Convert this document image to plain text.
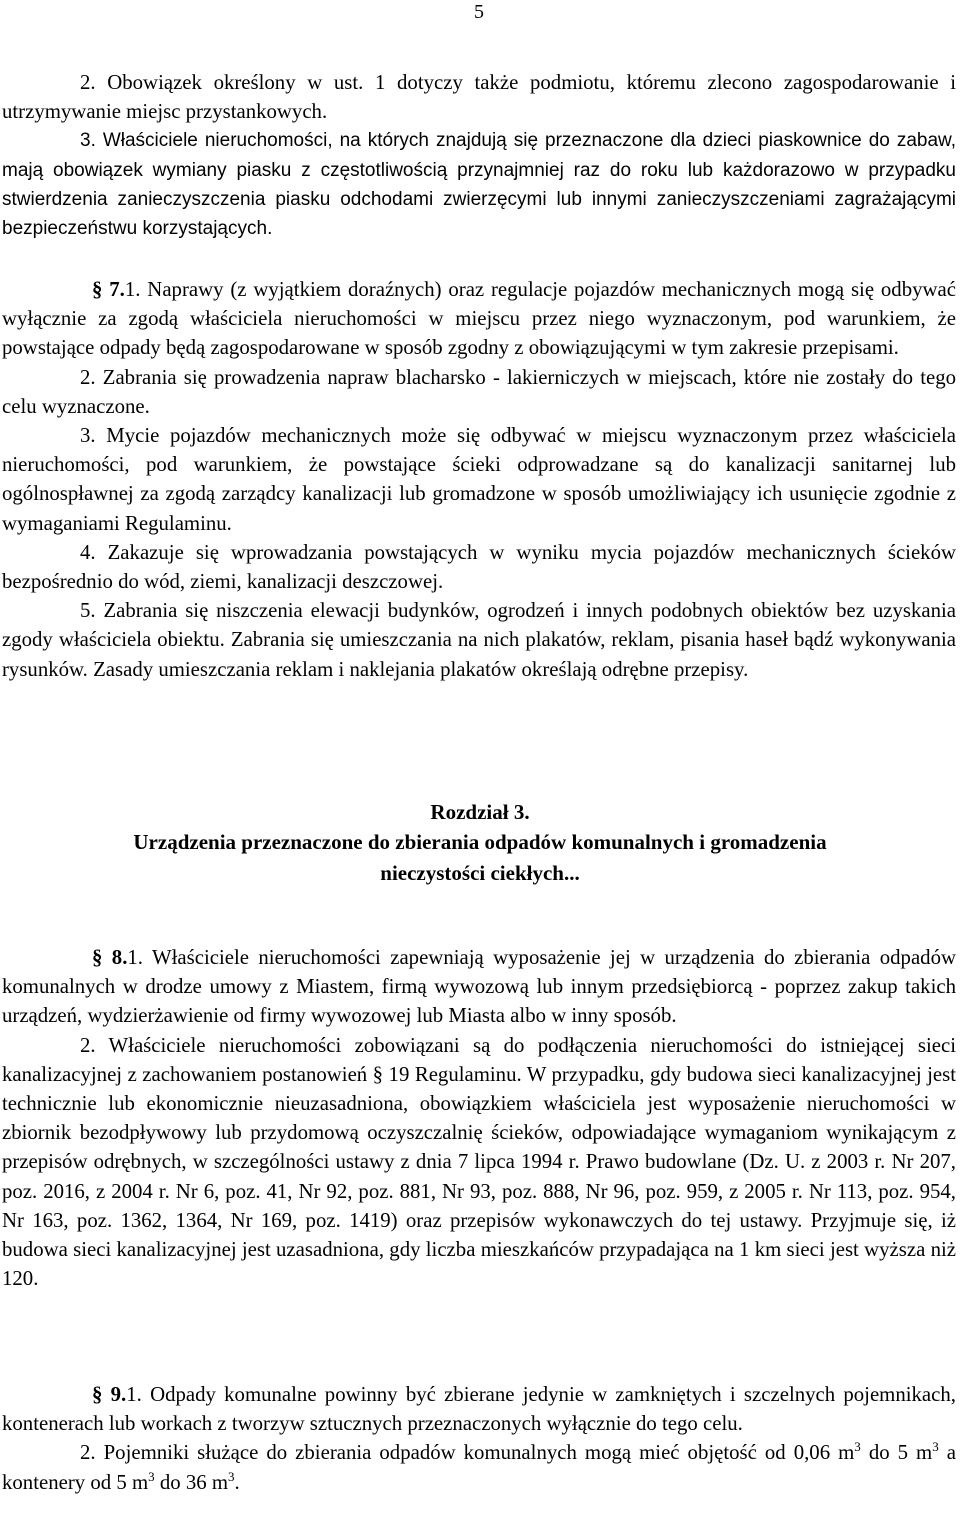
5

2. Obowiązek określony w ust. 1 dotyczy także podmiotu, któremu zlecono zagospodarowanie i utrzymywanie miejsc przystankowych.

3. Właściciele nieruchomości, na których znajdują się przeznaczone dla dzieci piaskownice do zabaw, mają obowiązek wymiany piasku z częstotliwością przynajmniej raz do roku lub każdorazowo w przypadku stwierdzenia zanieczyszczenia piasku odchodami zwierzęcymi lub innymi zanieczyszczeniami zagrażającymi bezpieczeństwu korzystających.

§ 7.1. Naprawy (z wyjątkiem doraźnych) oraz regulacje pojazdów mechanicznych mogą się odbywać wyłącznie za zgodą właściciela nieruchomości w miejscu przez niego wyznaczonym, pod warunkiem, że powstające odpady będą zagospodarowane w sposób zgodny z obowiązującymi w tym zakresie przepisami.

2. Zabrania się prowadzenia napraw blacharsko - lakierniczych w miejscach, które nie zostały do tego celu wyznaczone.

3. Mycie pojazdów mechanicznych może się odbywać w miejscu wyznaczonym przez właściciela nieruchomości, pod warunkiem, że powstające ścieki odprowadzane są do kanalizacji sanitarnej lub ogólnospławnej za zgodą zarządcy kanalizacji lub gromadzone w sposób umożliwiający ich usunięcie zgodnie z wymaganiami Regulaminu.

4. Zakazuje się wprowadzania powstających w wyniku mycia pojazdów mechanicznych ścieków bezpośrednio do wód, ziemi, kanalizacji deszczowej.

5. Zabrania się niszczenia elewacji budynków, ogrodzeń i innych podobnych obiektów bez uzyskania zgody właściciela obiektu. Zabrania się umieszczania na nich plakatów, reklam, pisania haseł bądź wykonywania rysunków. Zasady umieszczania reklam i naklejania plakatów określają odrębne przepisy.

Rozdział 3.
Urządzenia przeznaczone do zbierania odpadów komunalnych i gromadzenia
nieczystości ciekłych...

§ 8.1. Właściciele nieruchomości zapewniają wyposażenie jej w urządzenia do zbierania odpadów komunalnych w drodze umowy z Miastem, firmą wywozową lub innym przedsiębiorcą - poprzez zakup takich urządzeń, wydzierżawienie od firmy wywozowej lub Miasta albo w inny sposób.

2. Właściciele nieruchomości zobowiązani są do podłączenia nieruchomości do istniejącej sieci kanalizacyjnej z zachowaniem postanowień § 19 Regulaminu. W przypadku, gdy budowa sieci kanalizacyjnej jest technicznie lub ekonomicznie nieuzasadniona, obowiązkiem właściciela jest wyposażenie nieruchomości w zbiornik bezodpływowy lub przydomową oczyszczalnię ścieków, odpowiadające wymaganiom wynikającym z przepisów odrębnych, w szczególności ustawy z dnia 7 lipca 1994 r. Prawo budowlane (Dz. U. z 2003 r. Nr 207, poz. 2016, z 2004 r. Nr 6, poz. 41, Nr 92, poz. 881, Nr 93, poz. 888, Nr 96, poz. 959, z 2005 r. Nr 113, poz. 954, Nr 163, poz. 1362, 1364, Nr 169, poz. 1419) oraz przepisów wykonawczych do tej ustawy. Przyjmuje się, iż budowa sieci kanalizacyjnej jest uzasadniona, gdy liczba mieszkańców przypadająca na 1 km sieci jest wyższa niż 120.

§ 9.1. Odpady komunalne powinny być zbierane jedynie w zamkniętych i szczelnych pojemnikach, kontenerach lub workach z tworzyw sztucznych przeznaczonych wyłącznie do tego celu.

2. Pojemniki służące do zbierania odpadów komunalnych mogą mieć objętość od 0,06 $m^3$ do 5 $m^3$ a kontenery od 5 $m^3$ do 36 $m^3$.
